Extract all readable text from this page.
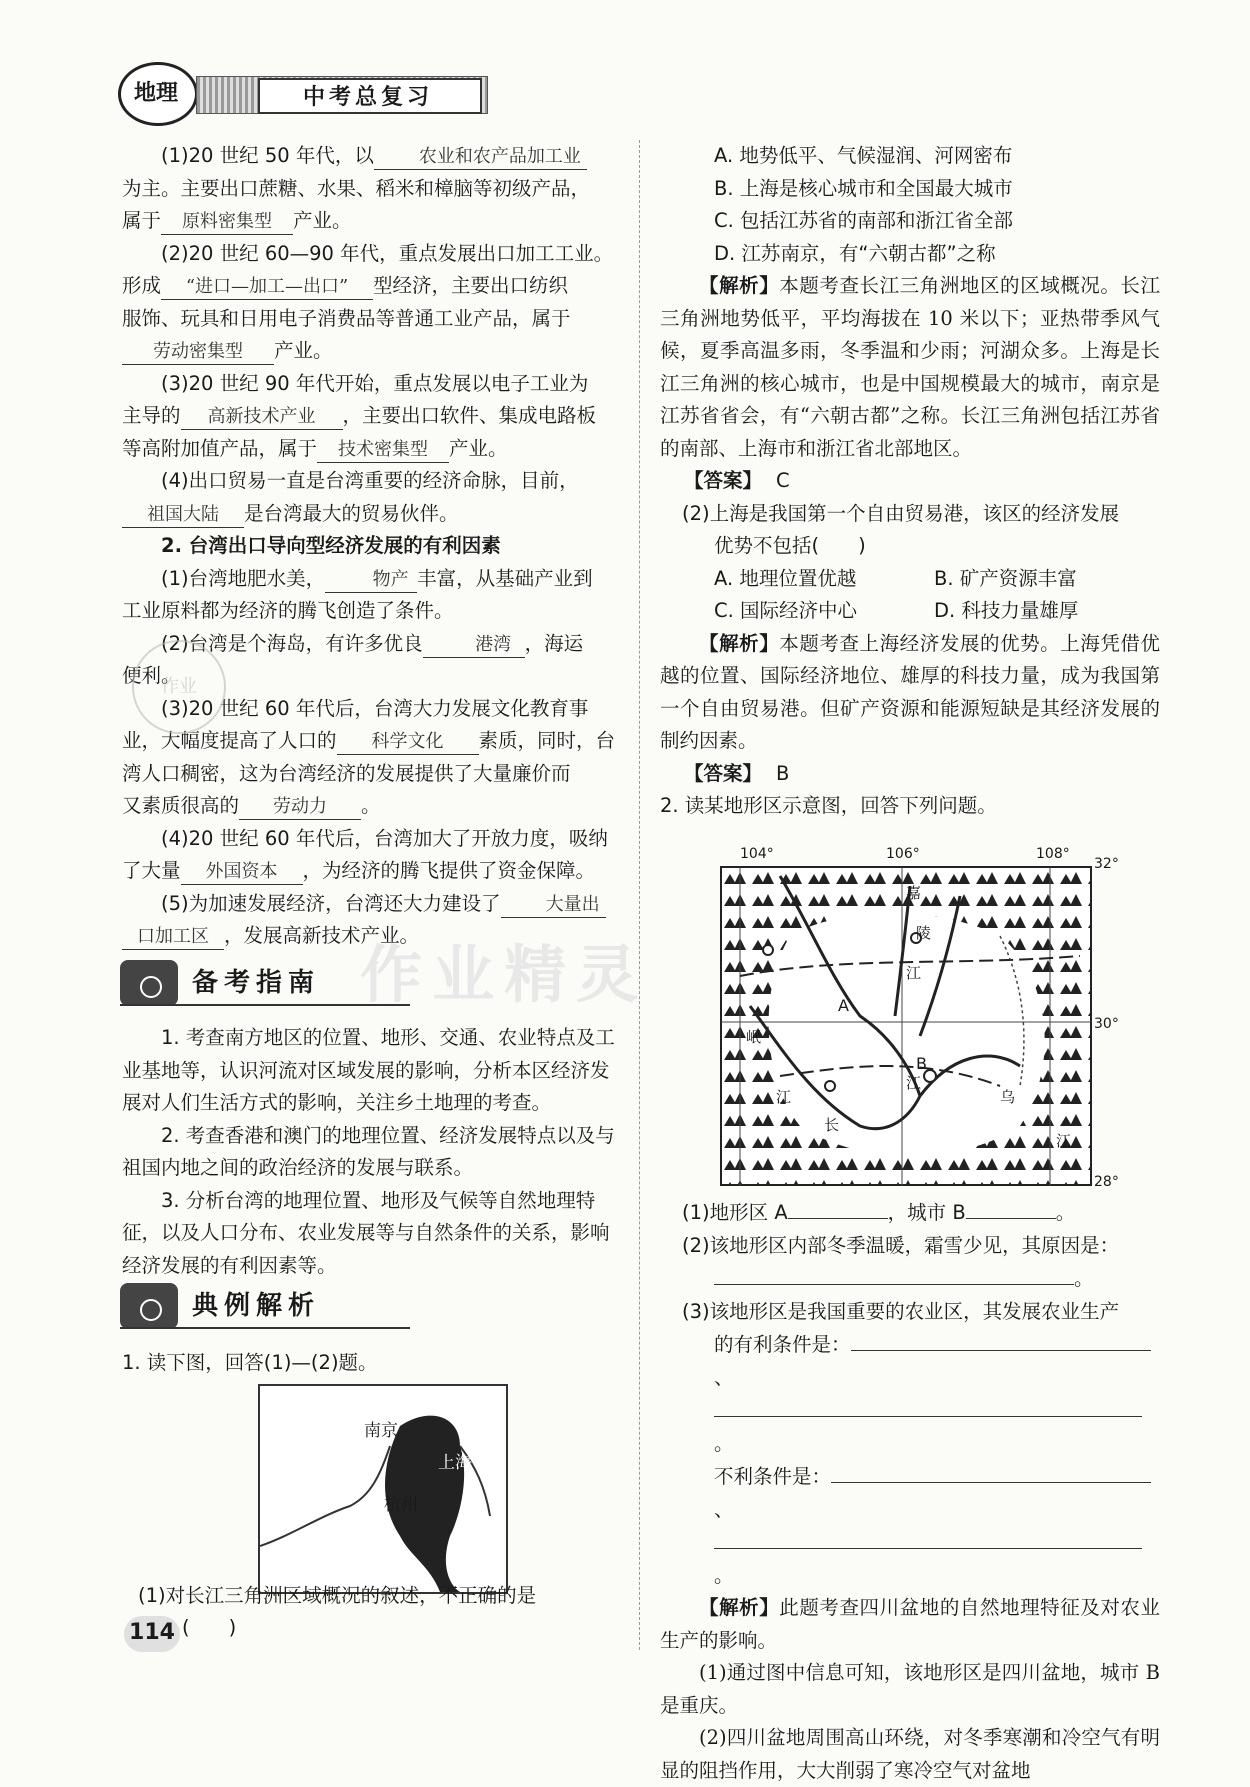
地理	中考总复习
(1)20 世纪 50 年代，以	农业和农产品加工业
为主。主要出口蔗糖、水果、稻米和樟脑等初级产品，
属于 原料密集型 产业。
(2)20 世纪 60—90 年代，重点发展出口加工工业。
形成 “进口—加工—出口” 型经济，主要出口纺织
服饰、玩具和日用电子消费品等普通工业产品，属于
劳动密集型 产业。
(3)20 世纪 90 年代开始，重点发展以电子工业为
主导的 高新技术产业 ，主要出口软件、集成电路板
等高附加值产品，属于 技术密集型 产业。
(4)出口贸易一直是台湾重要的经济命脉，目前，
祖国大陆 是台湾最大的贸易伙伴。
2. 台湾出口导向型经济发展的有利因素
(1)台湾地肥水美，	物产 丰富，从基础产业到
工业原料都为经济的腾飞创造了条件。
(2)台湾是个海岛，有许多优良	港湾 ，海运
便利。
(3)20 世纪 60 年代后，台湾大力发展文化教育事
业，大幅度提高了人口的 科学文化 素质，同时，台
湾人口稠密，这为台湾经济的发展提供了大量廉价而
又素质很高的 劳动力 。
(4)20 世纪 60 年代后，台湾加大了开放力度，吸纳
了大量 外国资本 ，为经济的腾飞提供了资金保障。
(5)为加速发展经济，台湾还大力建设了	大量出
口加工区 ，发展高新技术产业。
作业
作业精灵
备考指南
1. 考查南方地区的位置、地形、交通、农业特点及工业基地等，认识河流对区域发展的影响，分析本区经济发展对人们生活方式的影响，关注乡土地理的考查。
2. 考查香港和澳门的地理位置、经济发展特点以及与祖国内地之间的政治经济的发展与联系。
3. 分析台湾的地理位置、地形及气候等自然地理特征，以及人口分布、农业发展等与自然条件的关系，影响经济发展的有利因素等。
典例解析
1. 读下图，回答(1)—(2)题。
南京
上海
杭州
(1)对长江三角洲区域概况的叙述，不正确的是
(　　)
114
A. 地势低平、气候湿润、河网密布
B. 上海是核心城市和全国最大城市
C. 包括江苏省的南部和浙江省全部
D. 江苏南京，有“六朝古都”之称
【解析】本题考查长江三角洲地区的区域概况。长江三角洲地势低平，平均海拔在 10 米以下；亚热带季风气候，夏季高温多雨，冬季温和少雨；河湖众多。上海是长江三角洲的核心城市，也是中国规模最大的城市，南京是江苏省省会，有“六朝古都”之称。长江三角洲包括江苏省的南部、上海市和浙江省北部地区。
【答案】 C
(2)上海是我国第一个自由贸易港，该区的经济发展
优势不包括(　　)
A. 地理位置优越	B. 矿产资源丰富
C. 国际经济中心	D. 科技力量雄厚
【解析】本题考查上海经济发展的优势。上海凭借优越的位置、国际经济地位、雄厚的科技力量，成为我国第一个自由贸易港。但矿产资源和能源短缺是其经济发展的制约因素。
【答案】 B
2. 读某地形区示意图，回答下列问题。
104°	106°	108°
32°
30°
28°
嘉
陵
江
A
岷
江
长
B
江
乌
江
(1)地形区 A	，城市 B	。
(2)该地形区内部冬季温暖，霜雪少见，其原因是：
。
(3)该地形区是我国重要的农业区，其发展农业生产
的有利条件是：、
。
不利条件是：、
。
【解析】此题考查四川盆地的自然地理特征及对农业生产的影响。
(1)通过图中信息可知，该地形区是四川盆地，城市 B 是重庆。
(2)四川盆地周围高山环绕，对冬季寒潮和冷空气有明显的阻挡作用，大大削弱了寒冷空气对盆地
